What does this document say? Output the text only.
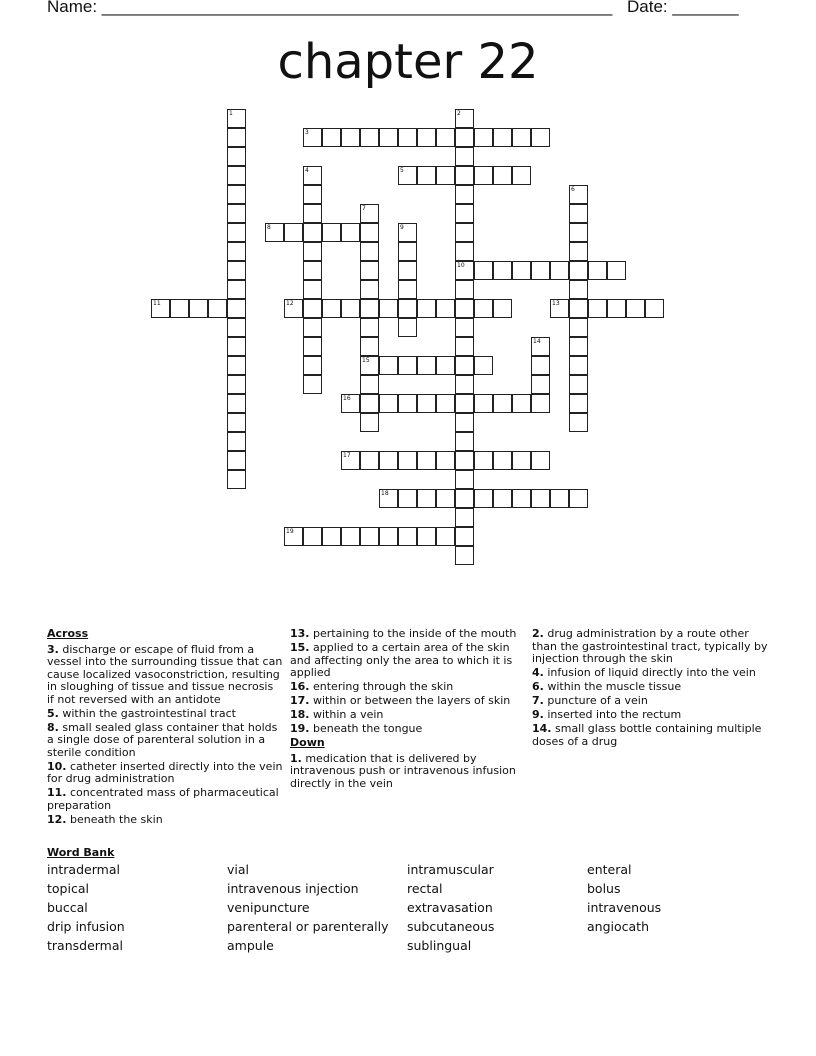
Name: ______________________________________________________ Date: _______
chapter 22
1	2
10
3
4	5
6
7
15
8	9
11	12	13
14
16
17
18
19
Across
3. discharge or escape of fluid from a vessel into the surrounding tissue that can cause localized vasoconstriction, resulting in sloughing of tissue and tissue necrosis if not reversed with an antidote
5. within the gastrointestinal tract
8. small sealed glass container that holds a single dose of parenteral solution in a sterile condition
10. catheter inserted directly into the vein for drug administration
11. concentrated mass of pharmaceutical preparation
12. beneath the skin
13. pertaining to the inside of the mouth
15. applied to a certain area of the skin and affecting only the area to which it is applied
16. entering through the skin
17. within or between the layers of skin
18. within a vein
19. beneath the tongue
Down
1. medication that is delivered by intravenous push or intravenous infusion directly in the vein
2. drug administration by a route other than the gastrointestinal tract, typically by injection through the skin
4. infusion of liquid directly into the vein
6. within the muscle tissue
7. puncture of a vein
9. inserted into the rectum
14. small glass bottle containing multiple doses of a drug
Word Bank
intradermal	vial	intramuscular	enteral
topical	intravenous injection	rectal	bolus
buccal	venipuncture	extravasation	intravenous
drip infusion	parenteral or parenterally	subcutaneous	angiocath
transdermal	ampule	sublingual
